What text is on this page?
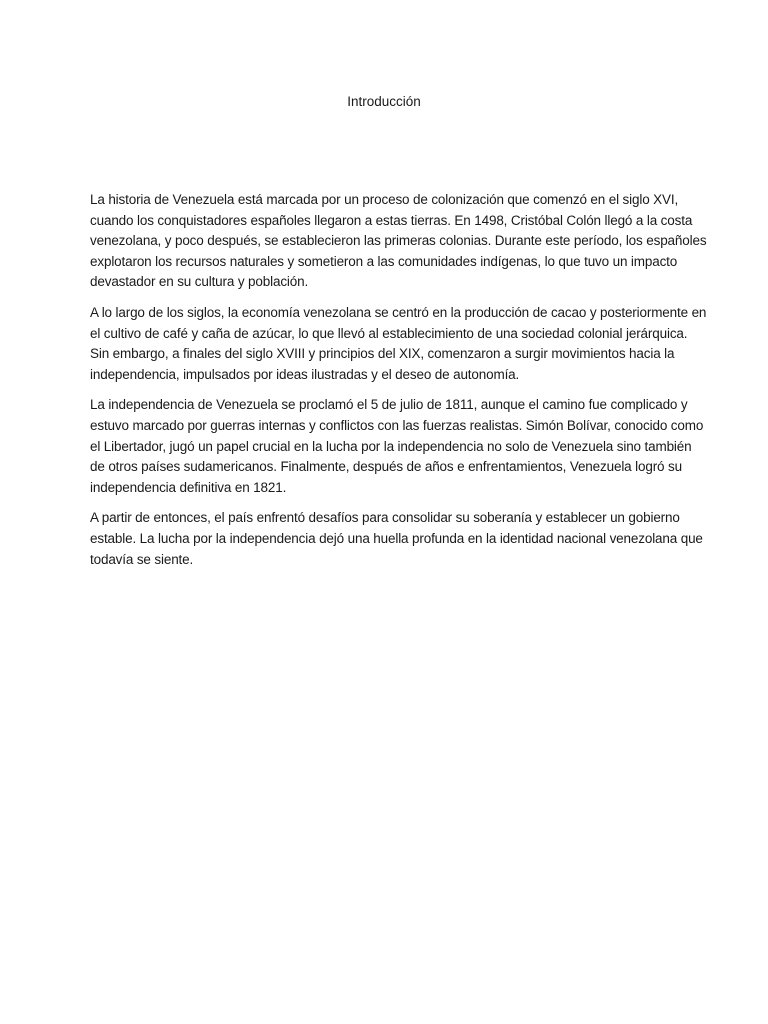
Introducción

La historia de Venezuela está marcada por un proceso de colonización que comenzó en el siglo XVI,
cuando los conquistadores españoles llegaron a estas tierras. En 1498, Cristóbal Colón llegó a la costa
venezolana, y poco después, se establecieron las primeras colonias. Durante este período, los españoles
explotaron los recursos naturales y sometieron a las comunidades indígenas, lo que tuvo un impacto
devastador en su cultura y población.

A lo largo de los siglos, la economía venezolana se centró en la producción de cacao y posteriormente en
el cultivo de café y caña de azúcar, lo que llevó al establecimiento de una sociedad colonial jerárquica.
Sin embargo, a finales del siglo XVIII y principios del XIX, comenzaron a surgir movimientos hacia la
independencia, impulsados por ideas ilustradas y el deseo de autonomía.

La independencia de Venezuela se proclamó el 5 de julio de 1811, aunque el camino fue complicado y
estuvo marcado por guerras internas y conflictos con las fuerzas realistas. Simón Bolívar, conocido como
el Libertador, jugó un papel crucial en la lucha por la independencia no solo de Venezuela sino también
de otros países sudamericanos. Finalmente, después de años e enfrentamientos, Venezuela logró su
independencia definitiva en 1821.

A partir de entonces, el país enfrentó desafíos para consolidar su soberanía y establecer un gobierno
estable. La lucha por la independencia dejó una huella profunda en la identidad nacional venezolana que
todavía se siente.
